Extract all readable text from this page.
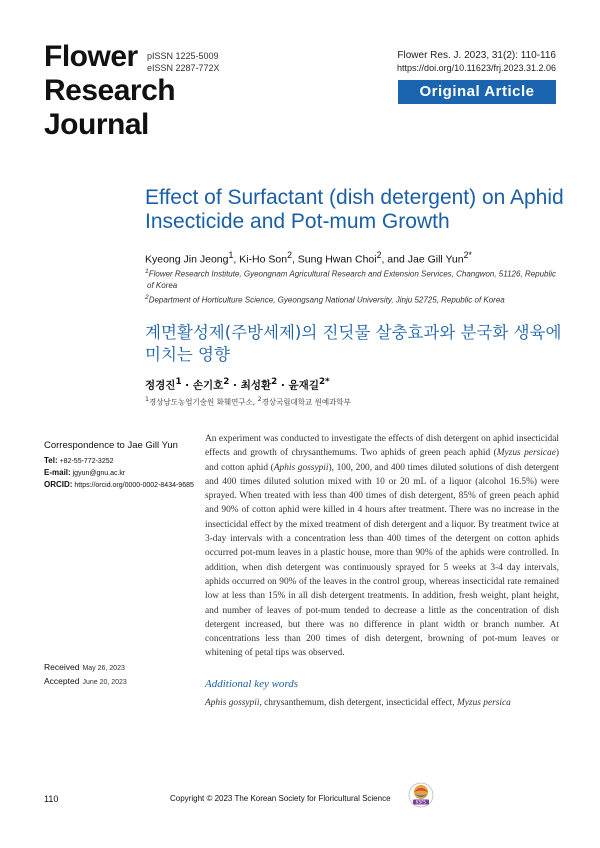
Flower
Research
Journal
pISSN 1225-5009
eISSN 2287-772X
Flower Res. J. 2023, 31(2): 110-116
https://doi.org/10.11623/frj.2023.31.2.06
Original Article
Effect of Surfactant (dish detergent) on Aphid
Insecticide and Pot-mum Growth
Kyeong Jin Jeong$^1$, Ki-Ho Son$^2$, Sung Hwan Choi$^2$, and Jae Gill Yun$^{2*}$
$^1$Flower Research Institute, Gyeongnam Agricultural Research and Extension Services, Changwon, 51126, Republic
of Korea
$^2$Department of Horticulture Science, Gyeongsang National University, Jinju 52725, Republic of Korea
계면활성제(주방세제)의 진딧물 살충효과와 분국화 생육에
미치는 영향
정경진$^1$ · 손기호$^2$ · 최성환$^2$ · 윤재길$^{2*}$
$^1$경상남도농업기술원 화훼연구소, $^2$경상국립대학교 원예과학부
Correspondence to Jae Gill Yun
Tel: +82-55-772-3252
E-mail: jgyun@gnu.ac.kr
ORCID: https://orcid.org/0000-0002-8434-9685
Received May 26, 2023
Accepted June 20, 2023

An experiment was conducted to investigate the effects of dish detergent on aphid insecticidal effects and growth of chrysanthemums. Two aphids of green peach aphid (Myzus persicae) and cotton aphid (Aphis gossypii), 100, 200, and 400 times diluted solutions of dish detergent and 400 times diluted solution mixed with 10 or 20 mL of a liquor (alcohol 16.5%) were sprayed. When treated with less than 400 times of dish detergent, 85% of green peach aphid and 90% of cotton aphid were killed in 4 hours after treatment. There was no increase in the insecticidal effect by the mixed treatment of dish detergent and a liquor. By treatment twice at 3-day intervals with a concentration less than 400 times of the detergent on cotton aphids occurred pot-mum leaves in a plastic house, more than 90% of the aphids were controlled. In addition, when dish detergent was continuously sprayed for 5 weeks at 3-4 day intervals, aphids occurred on 90% of the leaves in the control group, whereas insecticidal rate remained low at less than 15% in all dish detergent treatments. In addition, fresh weight, plant height, and number of leaves of pot-mum tended to decrease a little as the concentration of dish detergent increased, but there was no difference in plant width or branch number. At concentrations less than 200 times of dish detergent, browning of pot-mum leaves or whitening of petal tips was observed.

Additional key words
Aphis gossypii, chrysanthemum, dish detergent, insecticidal effect, Myzus persica
110	Copyright © 2023 The Korean Society for Floricultural Science	KSFS
